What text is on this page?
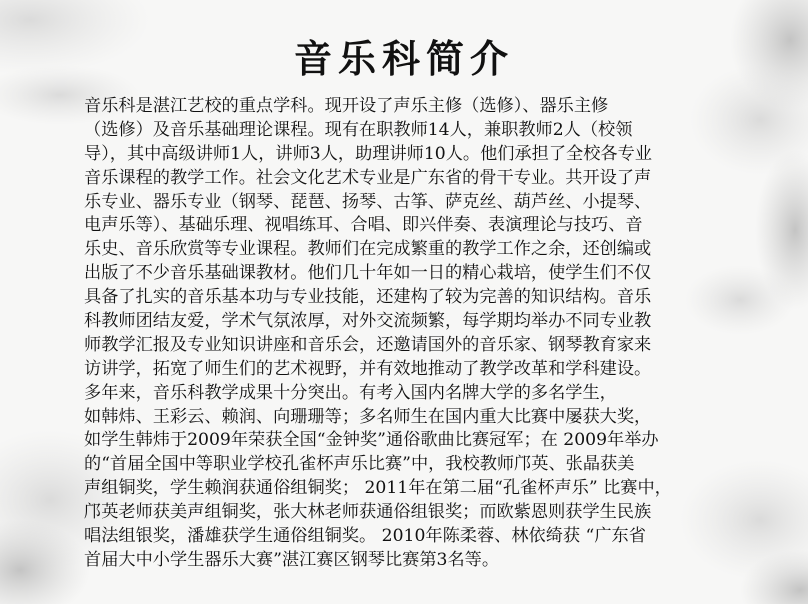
音乐科简介
音乐科是湛江艺校的重点学科。现开设了声乐主修（选修）、器乐主修
（选修）及音乐基础理论课程。现有在职教师14人，兼职教师2人（校领
导），其中高级讲师1人，讲师3人，助理讲师10人。他们承担了全校各专业
音乐课程的教学工作。社会文化艺术专业是广东省的骨干专业。共开设了声
乐专业、器乐专业（钢琴、琵琶、扬琴、古筝、萨克丝、葫芦丝、小提琴、
电声乐等）、基础乐理、视唱练耳、合唱、即兴伴奏、表演理论与技巧、音
乐史、音乐欣赏等专业课程。教师们在完成繁重的教学工作之余，还创编或
出版了不少音乐基础课教材。他们几十年如一日的精心栽培，使学生们不仅
具备了扎实的音乐基本功与专业技能，还建构了较为完善的知识结构。音乐
科教师团结友爱，学术气氛浓厚，对外交流频繁，每学期均举办不同专业教
师教学汇报及专业知识讲座和音乐会，还邀请国外的音乐家、钢琴教育家来
访讲学，拓宽了师生们的艺术视野，并有效地推动了教学改革和学科建设。
多年来，音乐科教学成果十分突出。有考入国内名牌大学的多名学生，
如韩炜、王彩云、赖润、向珊珊等；多名师生在国内重大比赛中屡获大奖，
如学生韩炜于2009年荣获全国“金钟奖”通俗歌曲比赛冠军；在 2009年举办
的“首届全国中等职业学校孔雀杯声乐比赛”中，我校教师邝英、张晶获美
声组铜奖，学生赖润获通俗组铜奖； 2011年在第二届“孔雀杯声乐” 比赛中，
邝英老师获美声组铜奖，张大林老师获通俗组银奖；而欧紫恩则获学生民族
唱法组银奖，潘雄获学生通俗组铜奖。 2010年陈柔蓉、林依绮获 “广东省
首届大中小学生器乐大赛”湛江赛区钢琴比赛第3名等。
